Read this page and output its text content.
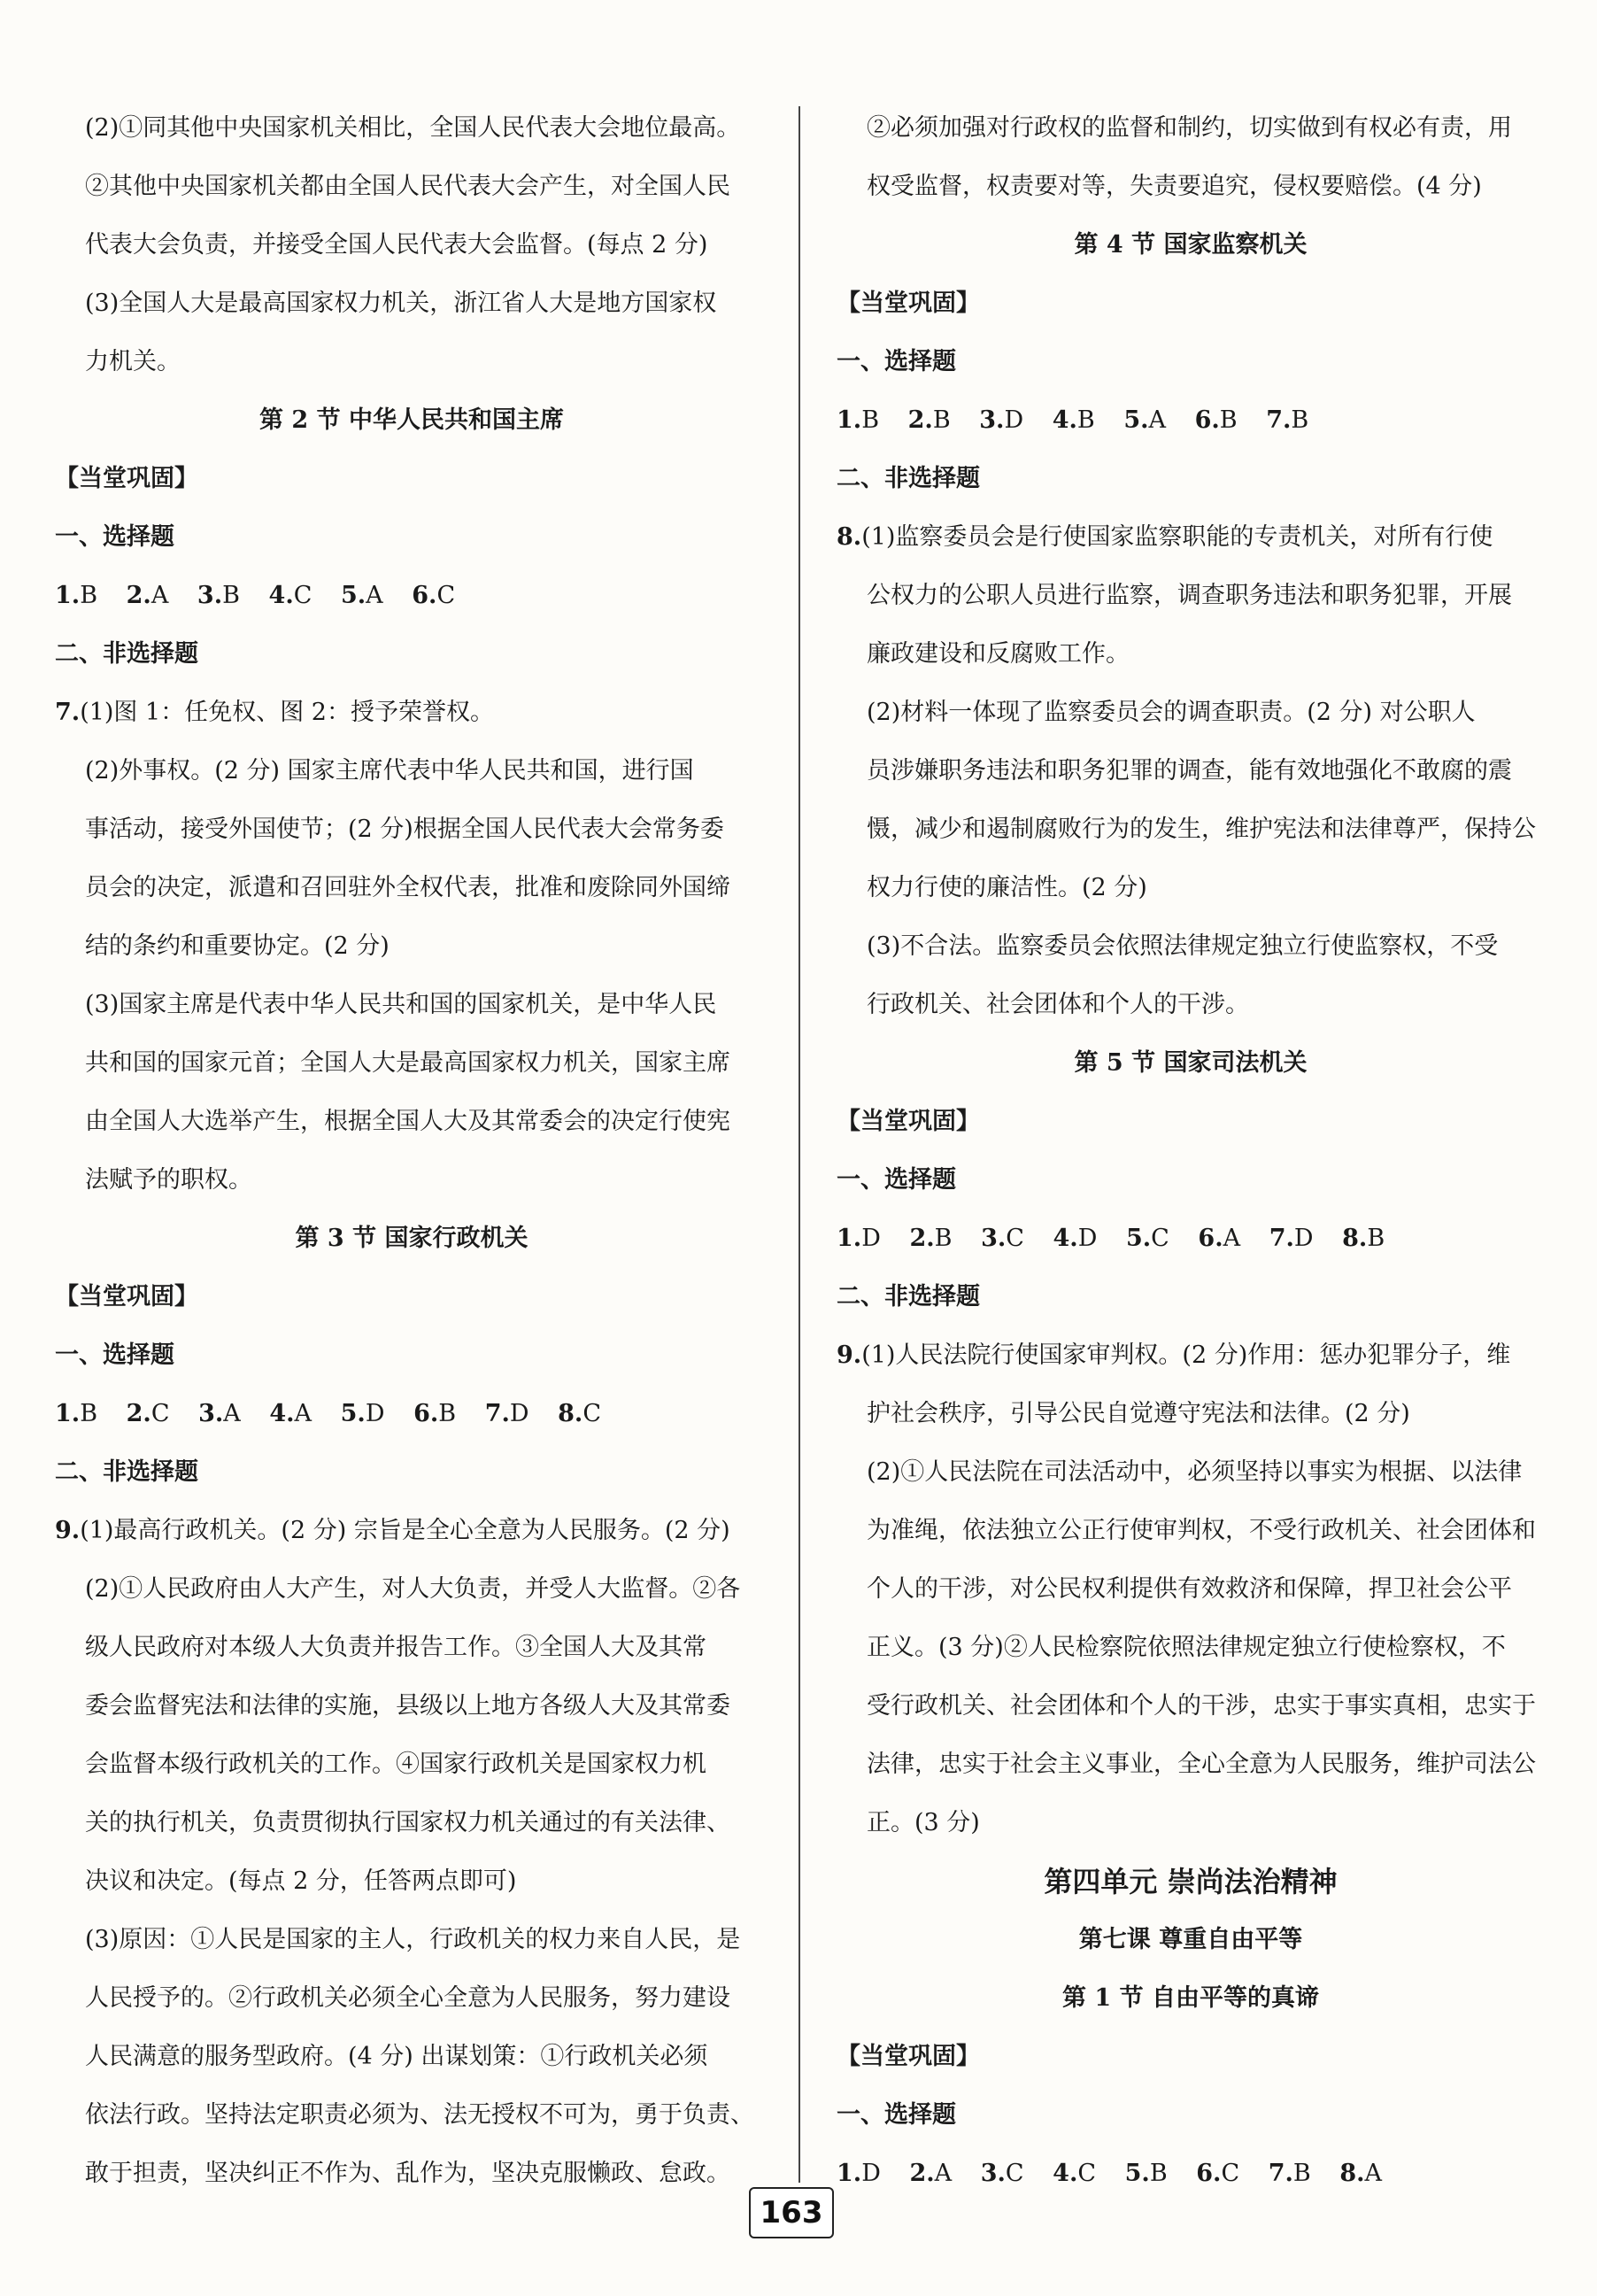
(2)①同其他中央国家机关相比，全国人民代表大会地位最高。
②其他中央国家机关都由全国人民代表大会产生，对全国人民
代表大会负责，并接受全国人民代表大会监督。(每点 2 分)
(3)全国人大是最高国家权力机关，浙江省人大是地方国家权
力机关。
第 2 节 中华人民共和国主席
【当堂巩固】
一、选择题
1.B 2.A 3.B 4.C 5.A 6.C
二、非选择题
7.(1)图 1：任免权、图 2：授予荣誉权。
(2)外事权。(2 分) 国家主席代表中华人民共和国，进行国
事活动，接受外国使节；(2 分)根据全国人民代表大会常务委
员会的决定，派遣和召回驻外全权代表，批准和废除同外国缔
结的条约和重要协定。(2 分)
(3)国家主席是代表中华人民共和国的国家机关，是中华人民
共和国的国家元首；全国人大是最高国家权力机关，国家主席
由全国人大选举产生，根据全国人大及其常委会的决定行使宪
法赋予的职权。
第 3 节 国家行政机关
【当堂巩固】
一、选择题
1.B 2.C 3.A 4.A 5.D 6.B 7.D 8.C
二、非选择题
9.(1)最高行政机关。(2 分) 宗旨是全心全意为人民服务。(2 分)
(2)①人民政府由人大产生，对人大负责，并受人大监督。②各
级人民政府对本级人大负责并报告工作。③全国人大及其常
委会监督宪法和法律的实施，县级以上地方各级人大及其常委
会监督本级行政机关的工作。④国家行政机关是国家权力机
关的执行机关，负责贯彻执行国家权力机关通过的有关法律、
决议和决定。(每点 2 分，任答两点即可)
(3)原因：①人民是国家的主人，行政机关的权力来自人民，是
人民授予的。②行政机关必须全心全意为人民服务，努力建设
人民满意的服务型政府。(4 分) 出谋划策：①行政机关必须
依法行政。坚持法定职责必须为、法无授权不可为，勇于负责、
敢于担责，坚决纠正不作为、乱作为，坚决克服懒政、怠政。
②必须加强对行政权的监督和制约，切实做到有权必有责，用
权受监督，权责要对等，失责要追究，侵权要赔偿。(4 分)
第 4 节 国家监察机关
【当堂巩固】
一、选择题
1.B 2.B 3.D 4.B 5.A 6.B 7.B
二、非选择题
8.(1)监察委员会是行使国家监察职能的专责机关，对所有行使
公权力的公职人员进行监察，调查职务违法和职务犯罪，开展
廉政建设和反腐败工作。
(2)材料一体现了监察委员会的调查职责。(2 分) 对公职人
员涉嫌职务违法和职务犯罪的调查，能有效地强化不敢腐的震
慑，减少和遏制腐败行为的发生，维护宪法和法律尊严，保持公
权力行使的廉洁性。(2 分)
(3)不合法。监察委员会依照法律规定独立行使监察权，不受
行政机关、社会团体和个人的干涉。
第 5 节 国家司法机关
【当堂巩固】
一、选择题
1.D 2.B 3.C 4.D 5.C 6.A 7.D 8.B
二、非选择题
9.(1)人民法院行使国家审判权。(2 分)作用：惩办犯罪分子，维
护社会秩序，引导公民自觉遵守宪法和法律。(2 分)
(2)①人民法院在司法活动中，必须坚持以事实为根据、以法律
为准绳，依法独立公正行使审判权，不受行政机关、社会团体和
个人的干涉，对公民权利提供有效救济和保障，捍卫社会公平
正义。(3 分)②人民检察院依照法律规定独立行使检察权，不
受行政机关、社会团体和个人的干涉，忠实于事实真相，忠实于
法律，忠实于社会主义事业，全心全意为人民服务，维护司法公
正。(3 分)
第四单元 崇尚法治精神
第七课 尊重自由平等
第 1 节 自由平等的真谛
【当堂巩固】
一、选择题
1.D 2.A 3.C 4.C 5.B 6.C 7.B 8.A
163
